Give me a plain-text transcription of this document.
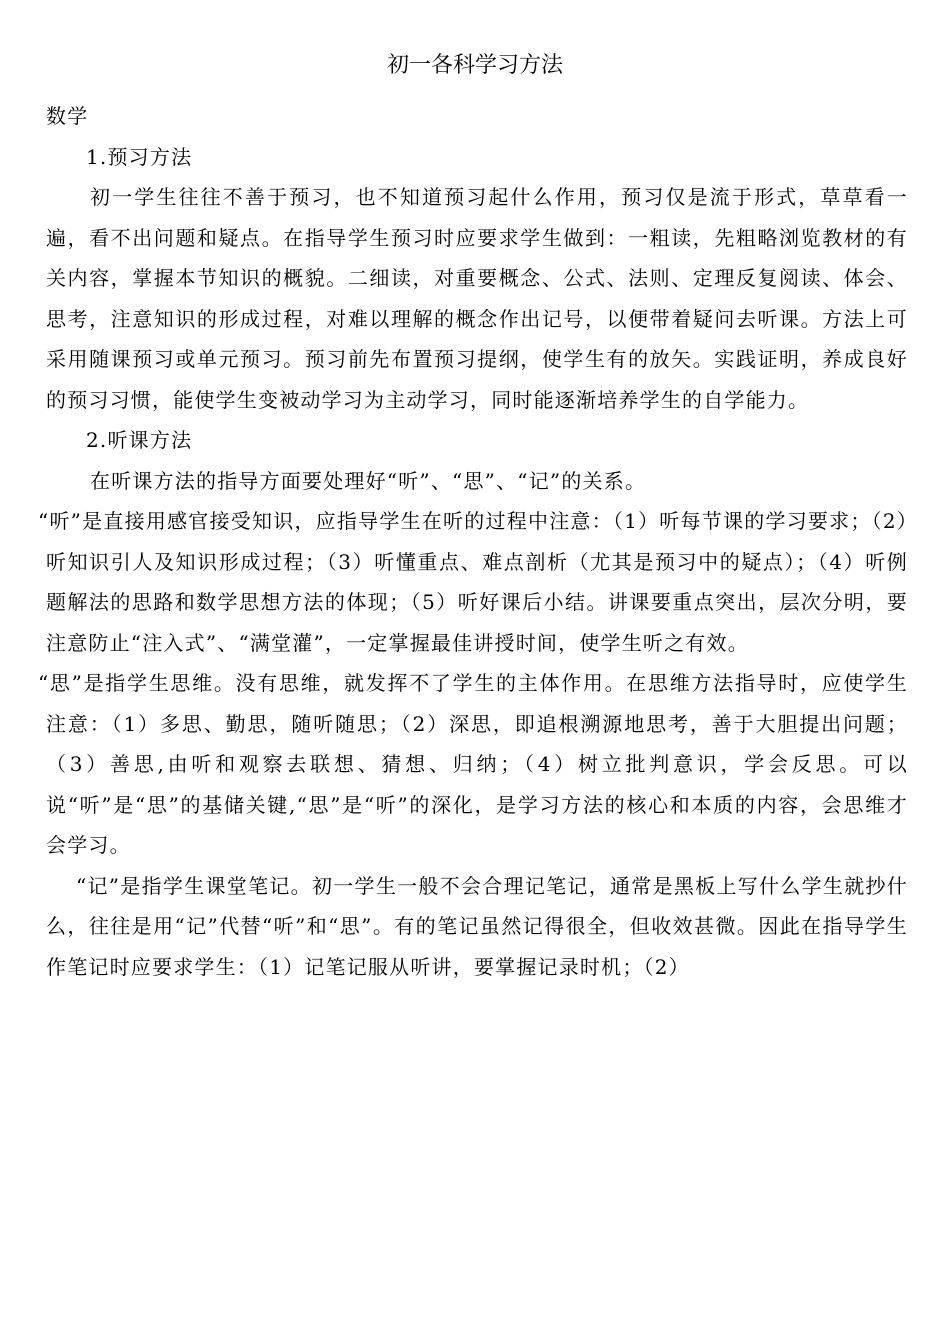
初一各科学习方法

数学

1.预习方法

初一学生往往不善于预习，也不知道预习起什么作用，预习仅是流于形式，草草看一遍，看不出问题和疑点。在指导学生预习时应要求学生做到：一粗读，先粗略浏览教材的有关内容，掌握本节知识的概貌。二细读，对重要概念、公式、法则、定理反复阅读、体会、思考，注意知识的形成过程，对难以理解的概念作出记号，以便带着疑问去听课。方法上可采用随课预习或单元预习。预习前先布置预习提纲，使学生有的放矢。实践证明，养成良好的预习习惯，能使学生变被动学习为主动学习，同时能逐渐培养学生的自学能力。

2.听课方法

在听课方法的指导方面要处理好“听”、“思”、“记”的关系。

“听”是直接用感官接受知识，应指导学生在听的过程中注意：（1）听每节课的学习要求；（2）听知识引人及知识形成过程；（3）听懂重点、难点剖析（尤其是预习中的疑点）；（4）听例题解法的思路和数学思想方法的体现；（5）听好课后小结。讲课要重点突出，层次分明，要注意防止“注入式”、“满堂灌”，一定掌握最佳讲授时间，使学生听之有效。

“思”是指学生思维。没有思维，就发挥不了学生的主体作用。在思维方法指导时，应使学生注意：（1）多思、勤思，随听随思；（2）深思，即追根溯源地思考，善于大胆提出问题；（3）善思,由听和观察去联想、猜想、归纳；（4）树立批判意识，学会反思。可以说“听”是“思”的基储关键,“思”是“听”的深化，是学习方法的核心和本质的内容，会思维才会学习。

“记”是指学生课堂笔记。初一学生一般不会合理记笔记，通常是黑板上写什么学生就抄什么，往往是用“记”代替“听”和“思”。有的笔记虽然记得很全，但收效甚微。因此在指导学生作笔记时应要求学生：（1）记笔记服从听讲，要掌握记录时机；（2）
